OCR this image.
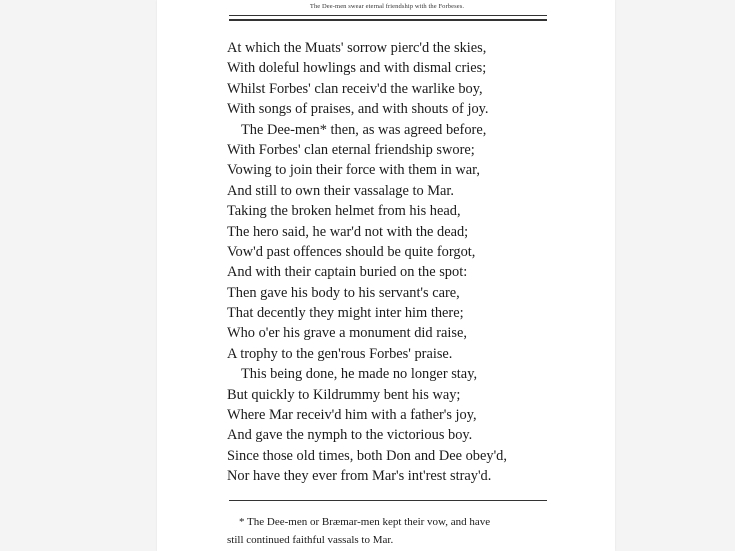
The Dee-men swear eternal friendship with the Forbeses.
At which the Muats' sorrow pierc'd the skies,
With doleful howlings and with dismal cries;
Whilst Forbes' clan receiv'd the warlike boy,
With songs of praises, and with shouts of joy.
The Dee-men* then, as was agreed before,
With Forbes' clan eternal friendship swore;
Vowing to join their force with them in war,
And still to own their vassalage to Mar.
Taking the broken helmet from his head,
The hero said, he war'd not with the dead;
Vow'd past offences should be quite forgot,
And with their captain buried on the spot:
Then gave his body to his servant's care,
That decently they might inter him there;
Who o'er his grave a monument did raise,
A trophy to the gen'rous Forbes' praise.
This being done, he made no longer stay,
But quickly to Kildrummy bent his way;
Where Mar receiv'd him with a father's joy,
And gave the nymph to the victorious boy.
Since those old times, both Don and Dee obey'd,
Nor have they ever from Mar's int'rest stray'd.
* The Dee-men or Bræmar-men kept their vow, and have
still continued faithful vassals to Mar.
